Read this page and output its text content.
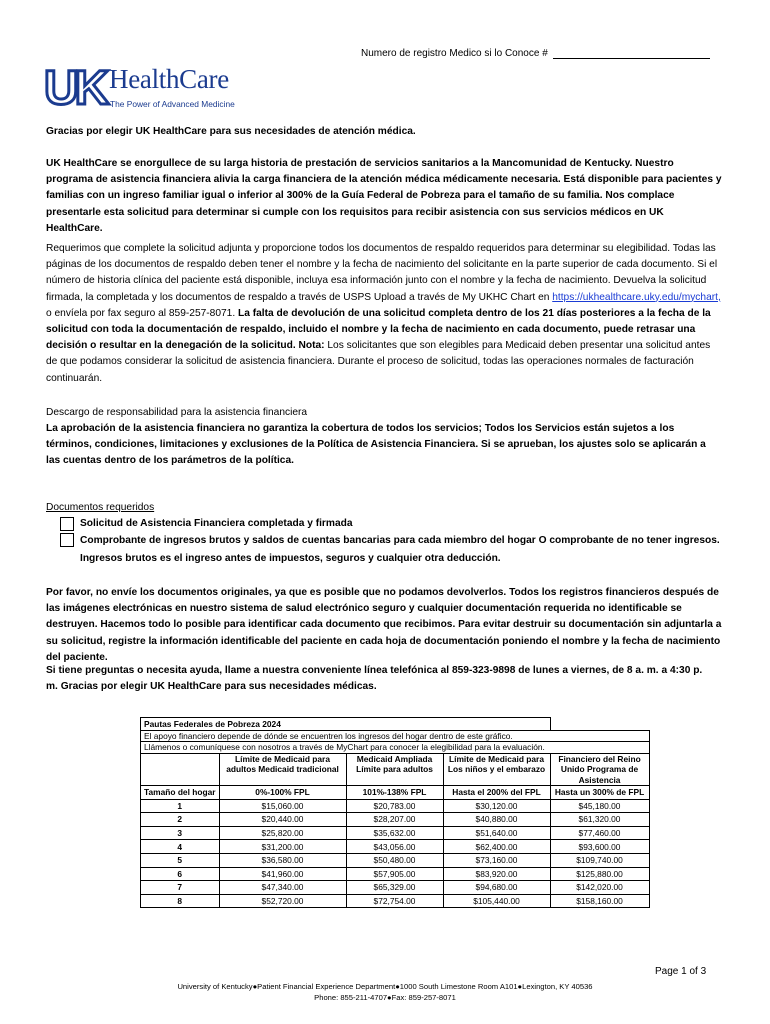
Numero de registro Medico si lo Conoce #
UK HealthCare
The Power of Advanced Medicine

Gracias por elegir UK HealthCare para sus necesidades de atención médica.

UK HealthCare se enorgullece de su larga historia de prestación de servicios sanitarios a la Mancomunidad de Kentucky. Nuestro programa de asistencia financiera alivia la carga financiera de la atención médica médicamente necesaria. Está disponible para pacientes y familias con un ingreso familiar igual o inferior al 300% de la Guía Federal de Pobreza para el tamaño de su familia. Nos complace presentarle esta solicitud para determinar si cumple con los requisitos para recibir asistencia con sus servicios médicos en UK HealthCare.

Requerimos que complete la solicitud adjunta y proporcione todos los documentos de respaldo requeridos para determinar su elegibilidad. Todas las páginas de los documentos de respaldo deben tener el nombre y la fecha de nacimiento del solicitante en la parte superior de cada documento. Si el número de historia clínica del paciente está disponible, incluya esa información junto con el nombre y la fecha de nacimiento. Devuelva la solicitud firmada, la completada y los documentos de respaldo a través de USPS Upload a través de My UKHC Chart en https://ukhealthcare.uky.edu/mychart, o envíela por fax seguro al 859-257-8071. La falta de devolución de una solicitud completa dentro de los 21 días posteriores a la fecha de la solicitud con toda la documentación de respaldo, incluido el nombre y la fecha de nacimiento en cada documento, puede retrasar una decisión o resultar en la denegación de la solicitud. Nota: Los solicitantes que son elegibles para Medicaid deben presentar una solicitud antes de que podamos considerar la solicitud de asistencia financiera. Durante el proceso de solicitud, todas las operaciones normales de facturación continuarán.

Descargo de responsabilidad para la asistencia financiera

La aprobación de la asistencia financiera no garantiza la cobertura de todos los servicios; Todos los Servicios están sujetos a los términos, condiciones, limitaciones y exclusiones de la Política de Asistencia Financiera. Si se aprueban, los ajustes solo se aplicarán a las cuentas dentro de los parámetros de la política.

Documentos requeridos

Solicitud de Asistencia Financiera completada y firmada

Comprobante de ingresos brutos y saldos de cuentas bancarias para cada miembro del hogar O comprobante de no tener ingresos. Ingresos brutos es el ingreso antes de impuestos, seguros y cualquier otra deducción.

Por favor, no envíe los documentos originales, ya que es posible que no podamos devolverlos. Todos los registros financieros después de las imágenes electrónicas en nuestro sistema de salud electrónico seguro y cualquier documentación requerida no identificable se destruyen. Hacemos todo lo posible para identificar cada documento que recibimos. Para evitar destruir su documentación sin adjuntarla a su solicitud, registre la información identificable del paciente en cada hoja de documentación poniendo el nombre y la fecha de nacimiento del paciente.

Si tiene preguntas o necesita ayuda, llame a nuestra conveniente línea telefónica al 859-323-9898 de lunes a viernes, de 8 a. m. a 4:30 p. m. Gracias por elegir UK HealthCare para sus necesidades médicas.

Pautas Federales de Pobreza 2024				
El apoyo financiero depende de dónde se encuentren los ingresos del hogar dentro de este gráfico.				
Llámenos o comuníquese con nosotros a través de MyChart para conocer la elegibilidad para la evaluación.				
	Límite de Medicaid para adultos Medicaid tradicional	Medicaid Ampliada Límite para adultos	Límite de Medicaid para Los niños y el embarazo	Financiero del Reino Unido Programa de Asistencia
Tamaño del hogar	0%-100% FPL	101%-138% FPL	Hasta el 200% del FPL	Hasta un 300% de FPL
1	$15,060.00	$20,783.00	$30,120.00	$45,180.00
2	$20,440.00	$28,207.00	$40,880.00	$61,320.00
3	$25,820.00	$35,632.00	$51,640.00	$77,460.00
4	$31,200.00	$43,056.00	$62,400.00	$93,600.00
5	$36,580.00	$50,480.00	$73,160.00	$109,740.00
6	$41,960.00	$57,905.00	$83,920.00	$125,880.00
7	$47,340.00	$65,329.00	$94,680.00	$142,020.00
8	$52,720.00	$72,754.00	$105,440.00	$158,160.00
Page 1 of 3
University of Kentucky●Patient Financial Experience Department●1000 South Limestone Room A101●Lexington, KY 40536
Phone: 855-211-4707●Fax: 859-257-8071
